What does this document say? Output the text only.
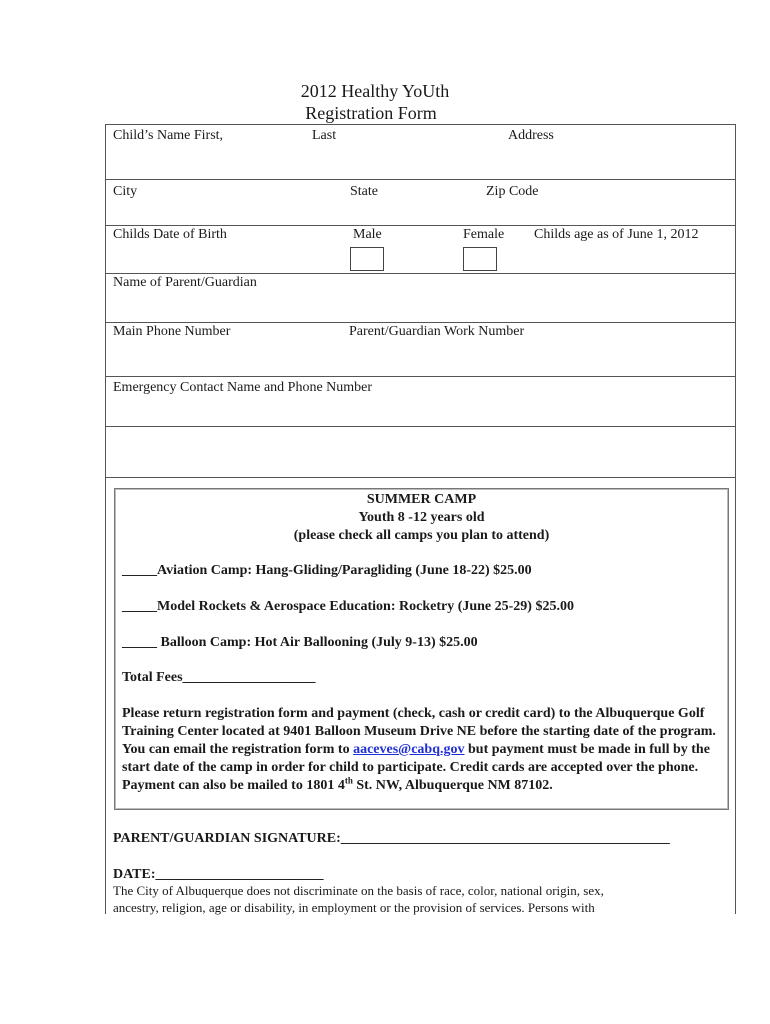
2012 Healthy YoUth
Registration Form
Child’s Name First,	Last	Address
City	State	Zip Code
Childs Date of Birth	Male	Female Childs age as of June 1, 2012
Name of Parent/Guardian
Main Phone Number	Parent/Guardian Work Number
Emergency Contact Name and Phone Number
SUMMER CAMP
Youth 8 -12 years old
(please check all camps you plan to attend)
_____Aviation Camp: Hang-Gliding/Paragliding (June 18-22) $25.00
_____Model Rockets & Aerospace Education: Rocketry (June 25-29) $25.00
_____ Balloon Camp: Hot Air Ballooning (July 9-13) $25.00
Total Fees___________________
Please return registration form and payment (check, cash or credit card) to the Albuquerque Golf Training Center located at 9401 Balloon Museum Drive NE before the starting date of the program. You can email the registration form to aaceves@cabq.gov but payment must be made in full by the start date of the camp in order for child to participate. Credit cards are accepted over the phone. Payment can also be mailed to 1801 4th St. NW, Albuquerque NM 87102.
PARENT/GUARDIAN SIGNATURE:_______________________________________________
DATE:________________________
The City of Albuquerque does not discriminate on the basis of race, color, national origin, sex,
ancestry, religion, age or disability, in employment or the provision of services. Persons with
